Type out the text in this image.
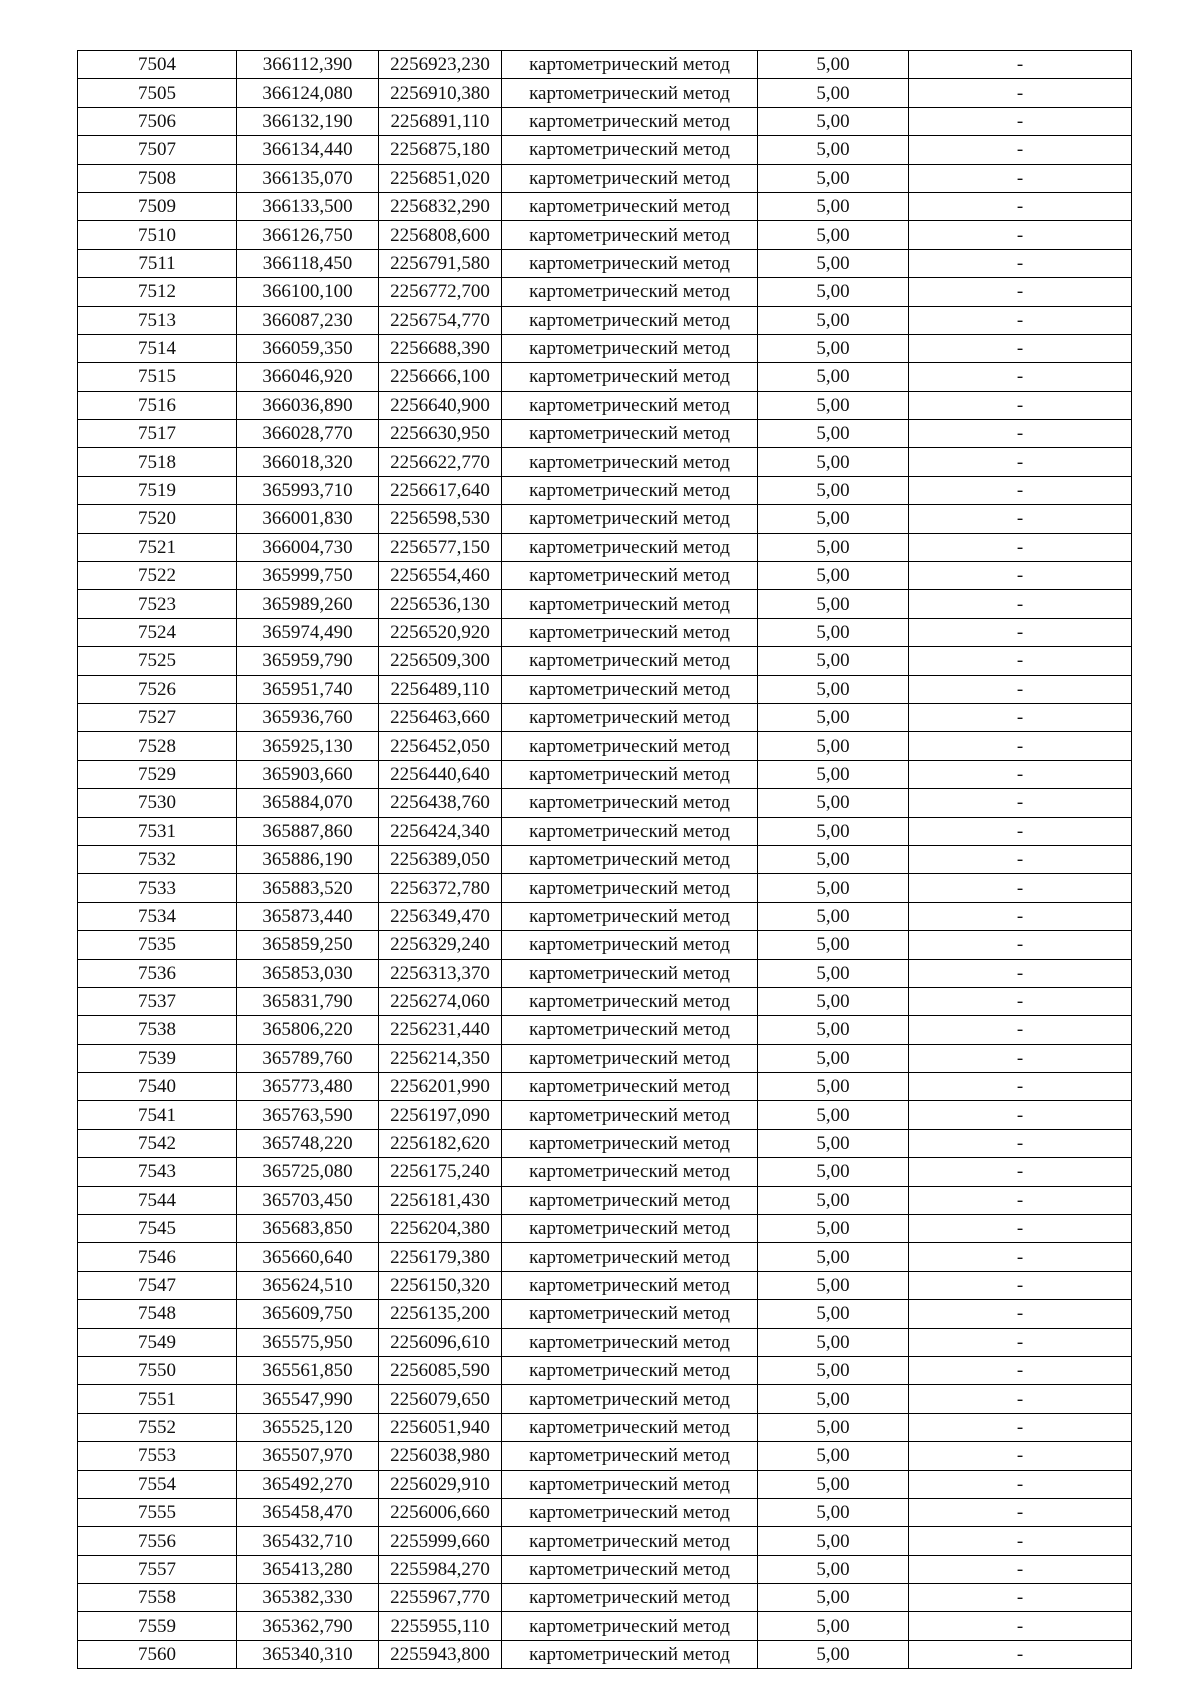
7504	366112,390	2256923,230	картометрический метод	5,00	-
7505	366124,080	2256910,380	картометрический метод	5,00	-
7506	366132,190	2256891,110	картометрический метод	5,00	-
7507	366134,440	2256875,180	картометрический метод	5,00	-
7508	366135,070	2256851,020	картометрический метод	5,00	-
7509	366133,500	2256832,290	картометрический метод	5,00	-
7510	366126,750	2256808,600	картометрический метод	5,00	-
7511	366118,450	2256791,580	картометрический метод	5,00	-
7512	366100,100	2256772,700	картометрический метод	5,00	-
7513	366087,230	2256754,770	картометрический метод	5,00	-
7514	366059,350	2256688,390	картометрический метод	5,00	-
7515	366046,920	2256666,100	картометрический метод	5,00	-
7516	366036,890	2256640,900	картометрический метод	5,00	-
7517	366028,770	2256630,950	картометрический метод	5,00	-
7518	366018,320	2256622,770	картометрический метод	5,00	-
7519	365993,710	2256617,640	картометрический метод	5,00	-
7520	366001,830	2256598,530	картометрический метод	5,00	-
7521	366004,730	2256577,150	картометрический метод	5,00	-
7522	365999,750	2256554,460	картометрический метод	5,00	-
7523	365989,260	2256536,130	картометрический метод	5,00	-
7524	365974,490	2256520,920	картометрический метод	5,00	-
7525	365959,790	2256509,300	картометрический метод	5,00	-
7526	365951,740	2256489,110	картометрический метод	5,00	-
7527	365936,760	2256463,660	картометрический метод	5,00	-
7528	365925,130	2256452,050	картометрический метод	5,00	-
7529	365903,660	2256440,640	картометрический метод	5,00	-
7530	365884,070	2256438,760	картометрический метод	5,00	-
7531	365887,860	2256424,340	картометрический метод	5,00	-
7532	365886,190	2256389,050	картометрический метод	5,00	-
7533	365883,520	2256372,780	картометрический метод	5,00	-
7534	365873,440	2256349,470	картометрический метод	5,00	-
7535	365859,250	2256329,240	картометрический метод	5,00	-
7536	365853,030	2256313,370	картометрический метод	5,00	-
7537	365831,790	2256274,060	картометрический метод	5,00	-
7538	365806,220	2256231,440	картометрический метод	5,00	-
7539	365789,760	2256214,350	картометрический метод	5,00	-
7540	365773,480	2256201,990	картометрический метод	5,00	-
7541	365763,590	2256197,090	картометрический метод	5,00	-
7542	365748,220	2256182,620	картометрический метод	5,00	-
7543	365725,080	2256175,240	картометрический метод	5,00	-
7544	365703,450	2256181,430	картометрический метод	5,00	-
7545	365683,850	2256204,380	картометрический метод	5,00	-
7546	365660,640	2256179,380	картометрический метод	5,00	-
7547	365624,510	2256150,320	картометрический метод	5,00	-
7548	365609,750	2256135,200	картометрический метод	5,00	-
7549	365575,950	2256096,610	картометрический метод	5,00	-
7550	365561,850	2256085,590	картометрический метод	5,00	-
7551	365547,990	2256079,650	картометрический метод	5,00	-
7552	365525,120	2256051,940	картометрический метод	5,00	-
7553	365507,970	2256038,980	картометрический метод	5,00	-
7554	365492,270	2256029,910	картометрический метод	5,00	-
7555	365458,470	2256006,660	картометрический метод	5,00	-
7556	365432,710	2255999,660	картометрический метод	5,00	-
7557	365413,280	2255984,270	картометрический метод	5,00	-
7558	365382,330	2255967,770	картометрический метод	5,00	-
7559	365362,790	2255955,110	картометрический метод	5,00	-
7560	365340,310	2255943,800	картометрический метод	5,00	-
